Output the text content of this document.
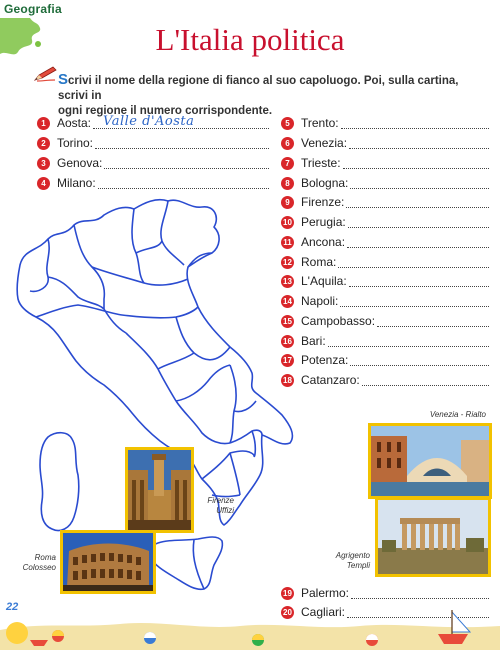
Geografia
L'Italia politica
Scrivi il nome della regione di fianco al suo capoluogo. Poi, sulla cartina, scrivi in
ogni regione il numero corrispondente.
1 Aosta: Valle d'Aosta
2 Torino:
3 Genova:
4 Milano:
5 Trento:
6 Venezia:
7 Trieste:
8 Bologna:
9 Firenze:
10 Perugia:
11 Ancona:
12 Roma:
13 L'Aquila:
14 Napoli:
15 Campobasso:
16 Bari:
17 Potenza:
18 Catanzaro:
19 Palermo:
20 Cagliari:
Firenze
Uffizi
Roma
Colosseo
Venezia - Rialto
Agrigento
Templi
22
